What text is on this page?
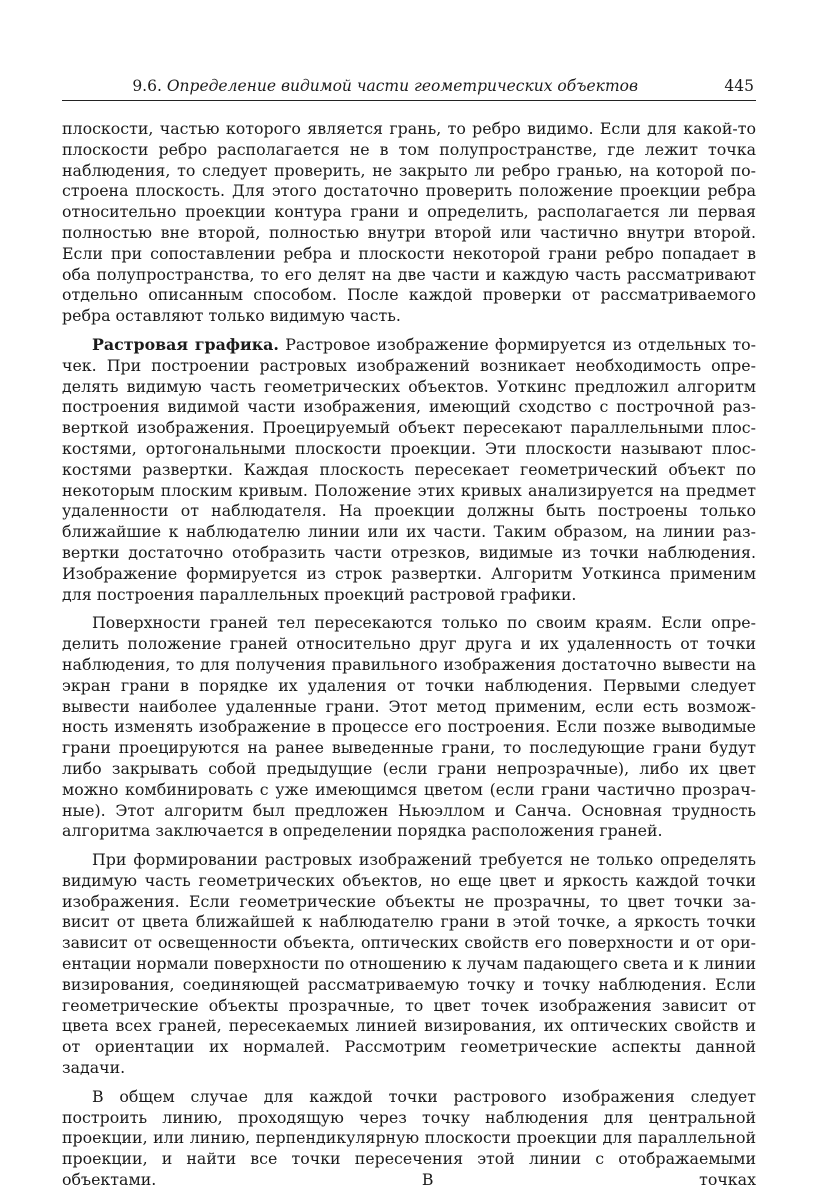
9.6. Определение видимой части геометрических объектов	445

плоскости, частью которого является грань, то ребро видимо. Если для какой-то плоскости ребро располагается не в том полупространстве, где лежит точка наблюдения, то следует проверить, не закрыто ли ребро гранью, на которой построена плоскость. Для этого достаточно проверить положение проекции ребра относительно проекции контура грани и определить, располагается ли первая полностью вне второй, полностью внутри второй или частично внутри второй. Если при сопоставлении ребра и плоскости некоторой грани ребро попадает в оба полупространства, то его делят на две части и каждую часть рассматривают отдельно описанным способом. После каждой проверки от рассматриваемого ребра оставляют только видимую часть.

Растровая графика. Растровое изображение формируется из отдельных точек. При построении растровых изображений возникает необходимость определять видимую часть геометрических объектов. Уоткинс предложил алгоритм построения видимой части изображения, имеющий сходство с построчной разверткой изображения. Проецируемый объект пересекают параллельными плоскостями, ортогональными плоскости проекции. Эти плоскости называют плоскостями развертки. Каждая плоскость пересекает геометрический объект по некоторым плоским кривым. Положение этих кривых анализируется на предмет удаленности от наблюдателя. На проекции должны быть построены только ближайшие к наблюдателю линии или их части. Таким образом, на линии развертки достаточно отобразить части отрезков, видимые из точки наблюдения. Изображение формируется из строк развертки. Алгоритм Уоткинса применим для построения параллельных проекций растровой графики.

Поверхности граней тел пересекаются только по своим краям. Если определить положение граней относительно друг друга и их удаленность от точки наблюдения, то для получения правильного изображения достаточно вывести на экран грани в порядке их удаления от точки наблюдения. Первыми следует вывести наиболее удаленные грани. Этот метод применим, если есть возможность изменять изображение в процессе его построения. Если позже выводимые грани проецируются на ранее выведенные грани, то последующие грани будут либо закрывать собой предыдущие (если грани непрозрачные), либо их цвет можно комбинировать с уже имеющимся цветом (если грани частично прозрачные). Этот алгоритм был предложен Ньюэллом и Санча. Основная трудность алгоритма заключается в определении порядка расположения граней.

При формировании растровых изображений требуется не только определять видимую часть геометрических объектов, но еще цвет и яркость каждой точки изображения. Если геометрические объекты не прозрачны, то цвет точки зависит от цвета ближайшей к наблюдателю грани в этой точке, а яркость точки зависит от освещенности объекта, оптических свойств его поверхности и от ориентации нормали поверхности по отношению к лучам падающего света и к линии визирования, соединяющей рассматриваемую точку и точку наблюдения. Если геометрические объекты прозрачные, то цвет точек изображения зависит от цвета всех граней, пересекаемых линией визирования, их оптических свойств и от ориентации их нормалей. Рассмотрим геометрические аспекты данной задачи.

В общем случае для каждой точки растрового изображения следует построить линию, проходящую через точку наблюдения для центральной проекции, или линию, перпендикулярную плоскости проекции для параллельной проекции, и найти все точки пересечения этой линии с отображаемыми объектами. В точках
